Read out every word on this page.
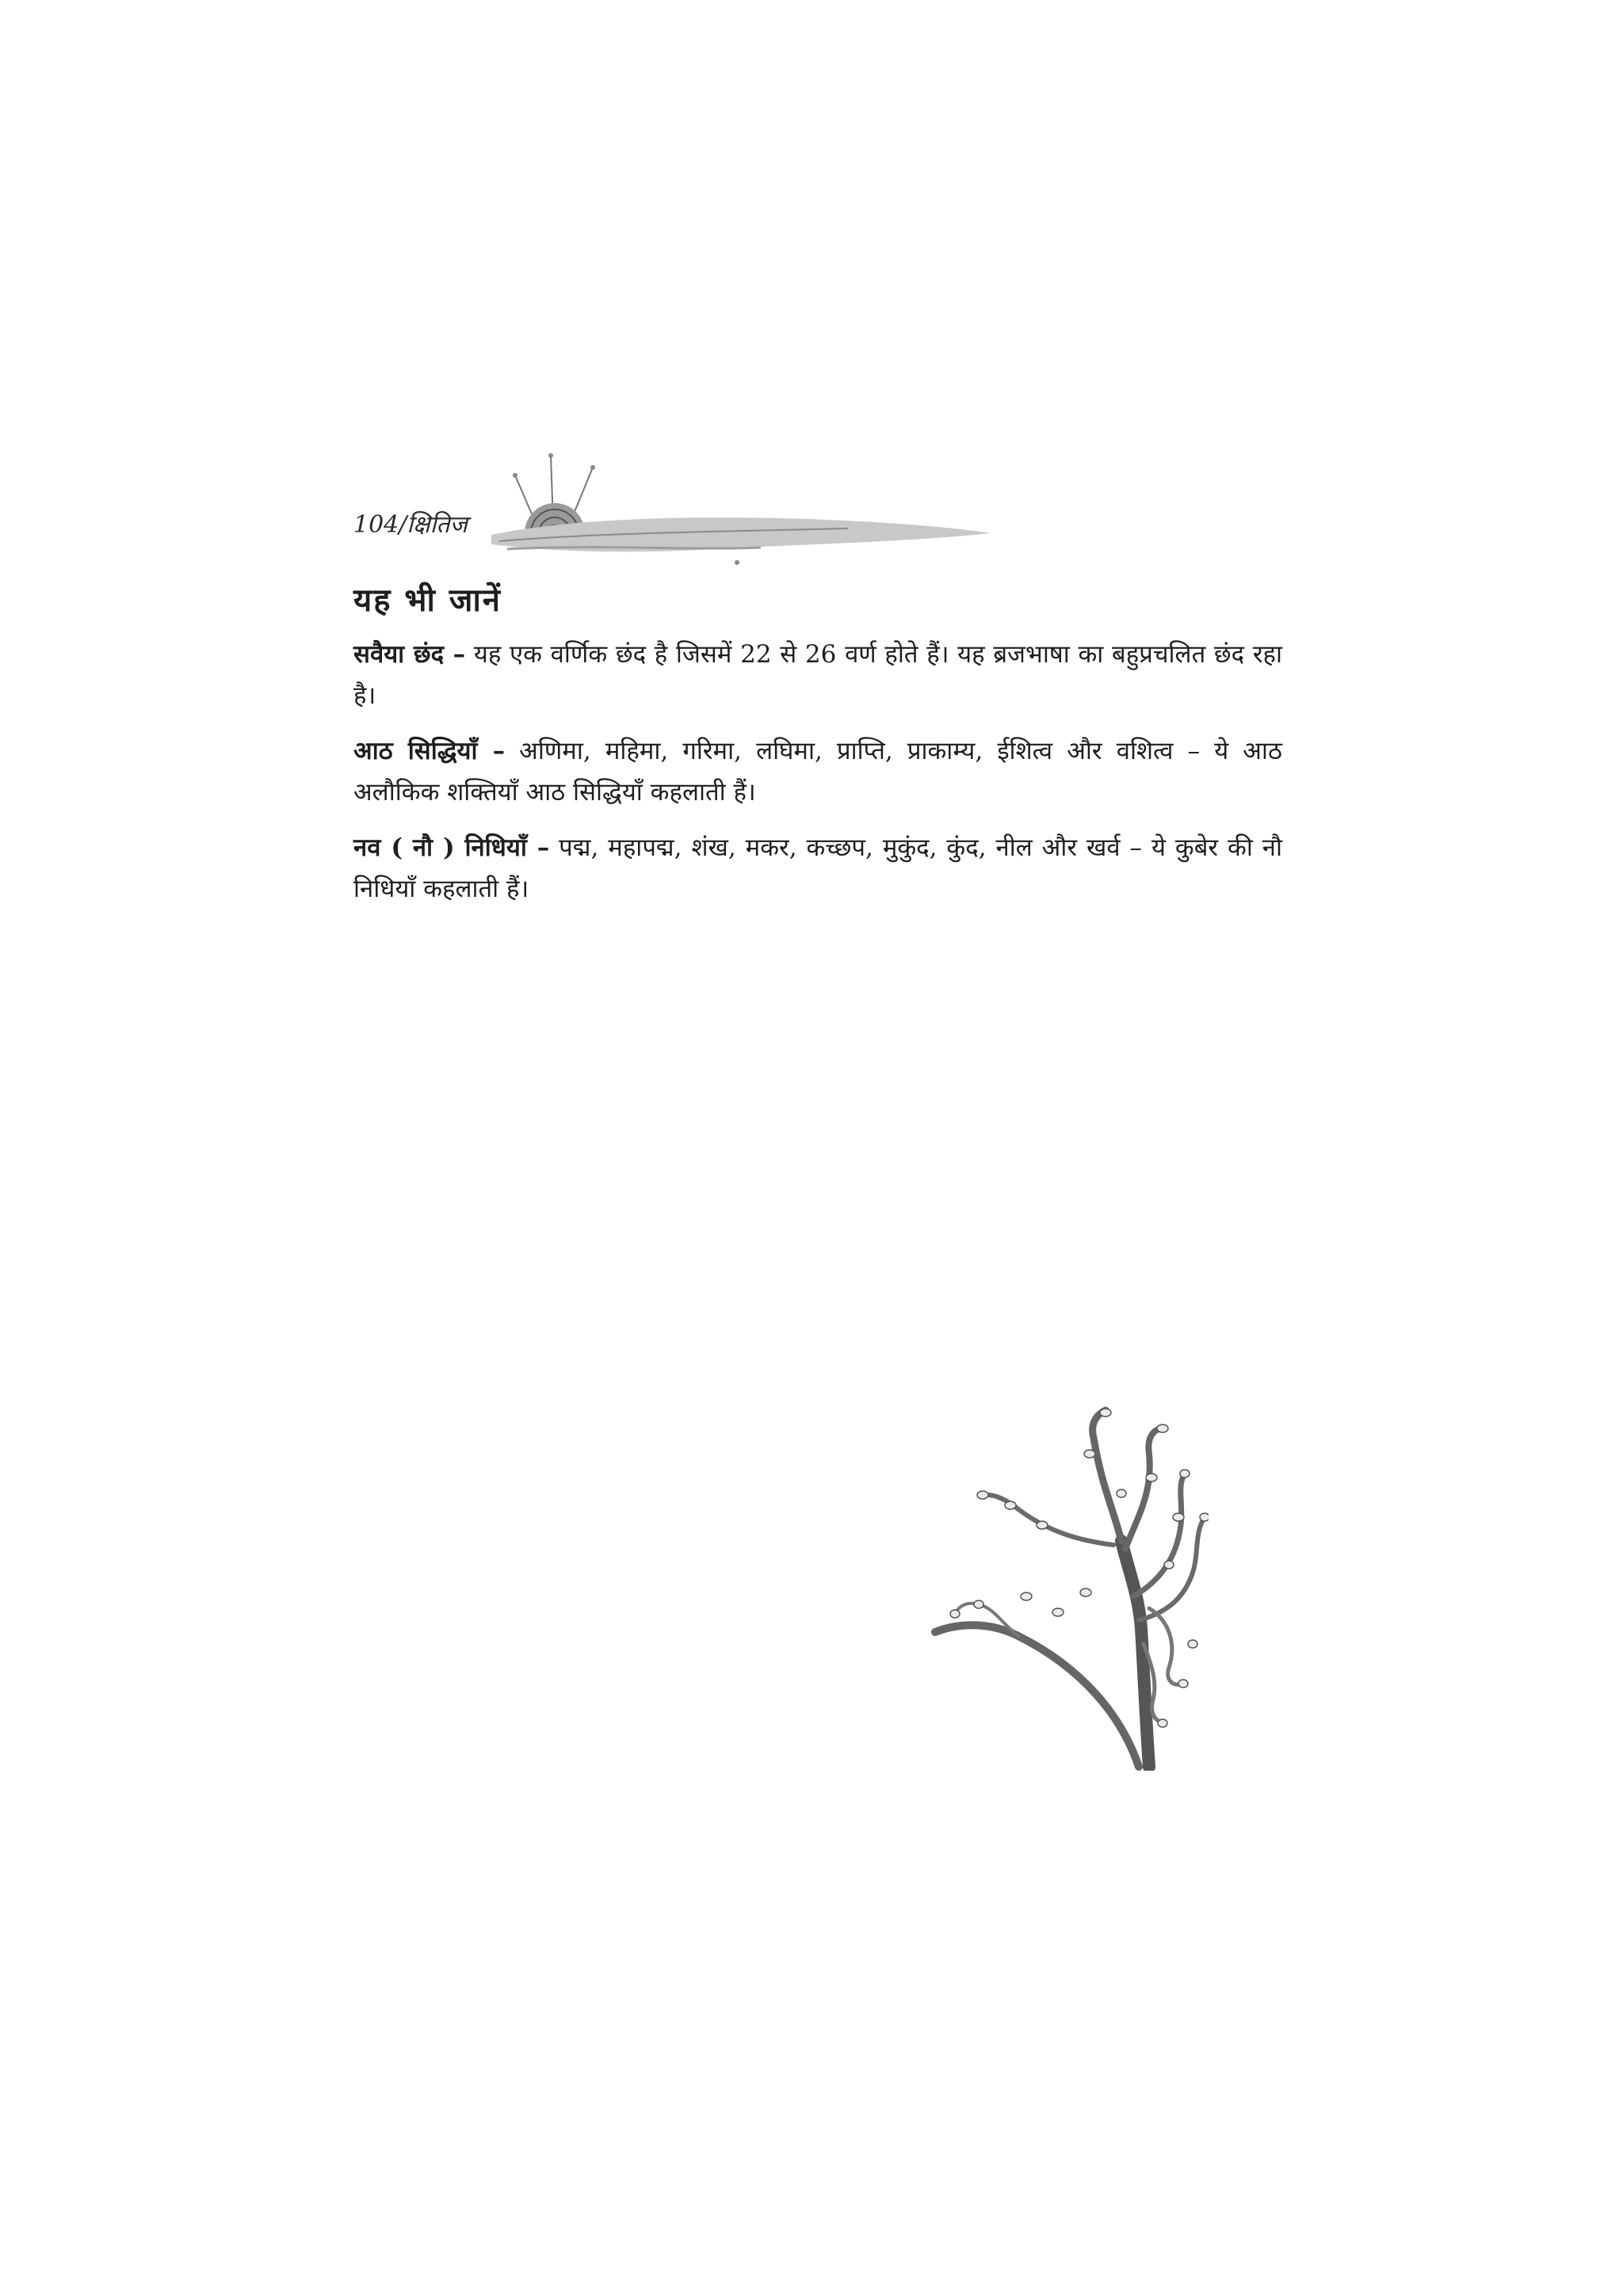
104/क्षितिज
यह भी जानें

सवैया छंद – यह एक वर्णिक छंद है जिसमें 22 से 26 वर्ण होते हैं। यह ब्रजभाषा का बहुप्रचलित छंद रहा है।

आठ सिद्धियाँ – अणिमा, महिमा, गरिमा, लघिमा, प्राप्ति, प्राकाम्य, ईशित्व और वशित्व – ये आठ अलौकिक शक्तियाँ आठ सिद्धियाँ कहलाती हैं।

नव ( नौ ) निधियाँ – पद्म, महापद्म, शंख, मकर, कच्छप, मुकुंद, कुंद, नील और खर्व – ये कुबेर की नौ निधियाँ कहलाती हैं।
